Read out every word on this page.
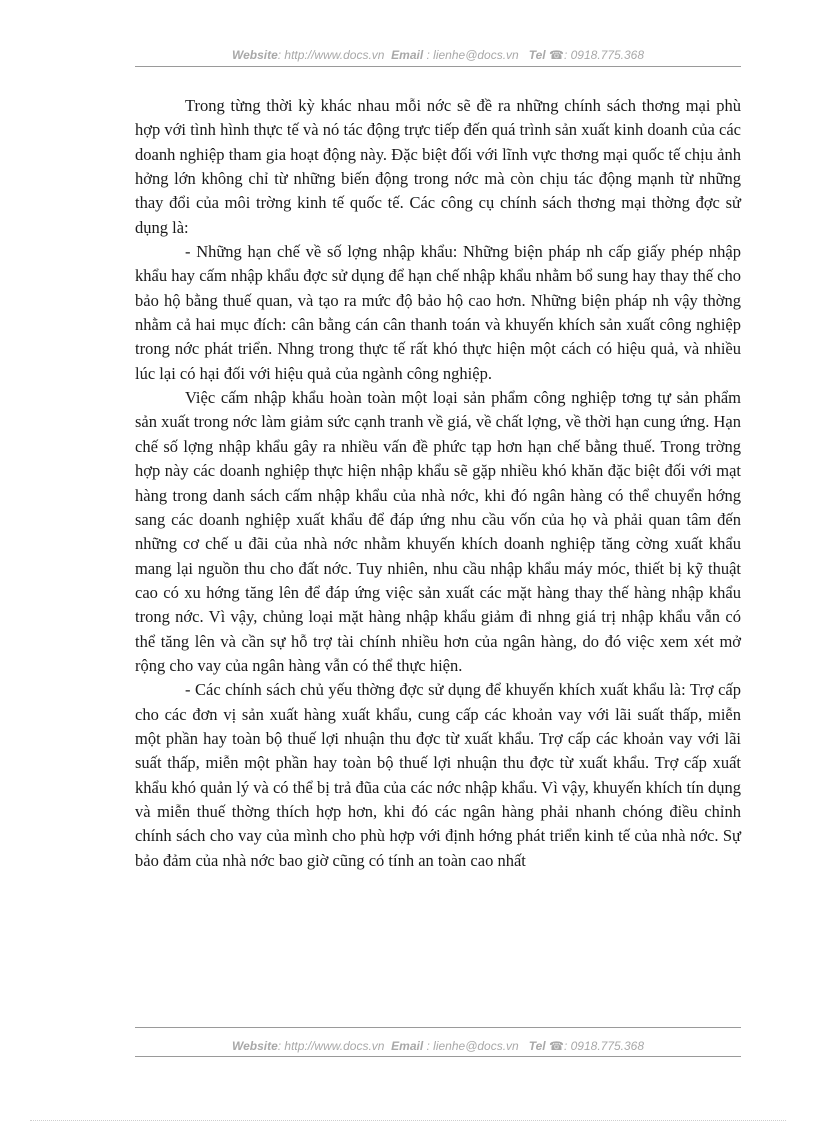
Website: http://www.docs.vn Email : lienhe@docs.vn Tel ☎: 0918.775.368

Trong từng thời kỳ khác nhau mỗi nớc sẽ đề ra những chính sách thơng mại phù hợp với tình hình thực tế và nó tác động trực tiếp đến quá trình sản xuất kinh doanh của các doanh nghiệp tham gia hoạt động này. Đặc biệt đối với lĩnh vực thơng mại quốc tế chịu ảnh hởng lớn không chỉ từ những biến động trong nớc mà còn chịu tác động mạnh từ những thay đổi của môi trờng kinh tế quốc tế. Các công cụ chính sách thơng mại thờng đợc sử dụng là:

- Những hạn chế về số lợng nhập khẩu: Những biện pháp nh cấp giấy phép nhập khẩu hay cấm nhập khẩu đợc sử dụng để hạn chế nhập khẩu nhằm bổ sung hay thay thế cho bảo hộ bằng thuế quan, và tạo ra mức độ bảo hộ cao hơn. Những biện pháp nh vậy thờng nhằm cả hai mục đích: cân bằng cán cân thanh toán và khuyến khích sản xuất công nghiệp trong nớc phát triển. Nhng trong thực tế rất khó thực hiện một cách có hiệu quả, và nhiều lúc lại có hại đối với hiệu quả của ngành công nghiệp.

Việc cấm nhập khẩu hoàn toàn một loại sản phẩm công nghiệp tơng tự sản phẩm sản xuất trong nớc làm giảm sức cạnh tranh về giá, về chất lợng, về thời hạn cung ứng. Hạn chế số lợng nhập khẩu gây ra nhiều vấn đề phức tạp hơn hạn chế bằng thuế. Trong trờng hợp này các doanh nghiệp thực hiện nhập khẩu sẽ gặp nhiều khó khăn đặc biệt đối với mạt hàng trong danh sách cấm nhập khẩu của nhà nớc, khi đó ngân hàng có thể chuyển hớng sang các doanh nghiệp xuất khẩu để đáp ứng nhu cầu vốn của họ và phải quan tâm đến những cơ chế u đãi của nhà nớc nhằm khuyến khích doanh nghiệp tăng cờng xuất khẩu mang lại nguồn thu cho đất nớc. Tuy nhiên, nhu cầu nhập khẩu máy móc, thiết bị kỹ thuật cao có xu hớng tăng lên để đáp ứng việc sản xuất các mặt hàng thay thế hàng nhập khẩu trong nớc. Vì vậy, chủng loại mặt hàng nhập khẩu giảm đi nhng giá trị nhập khẩu vẫn có thể tăng lên và cần sự hỗ trợ tài chính nhiều hơn của ngân hàng, do đó việc xem xét mở rộng cho vay của ngân hàng vẫn có thể thực hiện.

- Các chính sách chủ yếu thờng đợc sử dụng để khuyến khích xuất khẩu là: Trợ cấp cho các đơn vị sản xuất hàng xuất khẩu, cung cấp các khoản vay với lãi suất thấp, miễn một phần hay toàn bộ thuế lợi nhuận thu đợc từ xuất khẩu. Trợ cấp các khoản vay với lãi suất thấp, miễn một phần hay toàn bộ thuế lợi nhuận thu đợc từ xuất khẩu. Trợ cấp xuất khẩu khó quản lý và có thể bị trả đũa của các nớc nhập khẩu. Vì vậy, khuyến khích tín dụng và miễn thuế thờng thích hợp hơn, khi đó các ngân hàng phải nhanh chóng điều chỉnh chính sách cho vay của mình cho phù hợp với định hớng phát triển kinh tế của nhà nớc. Sự bảo đảm của nhà nớc bao giờ cũng có tính an toàn cao nhất

Website: http://www.docs.vn Email : lienhe@docs.vn Tel ☎: 0918.775.368
